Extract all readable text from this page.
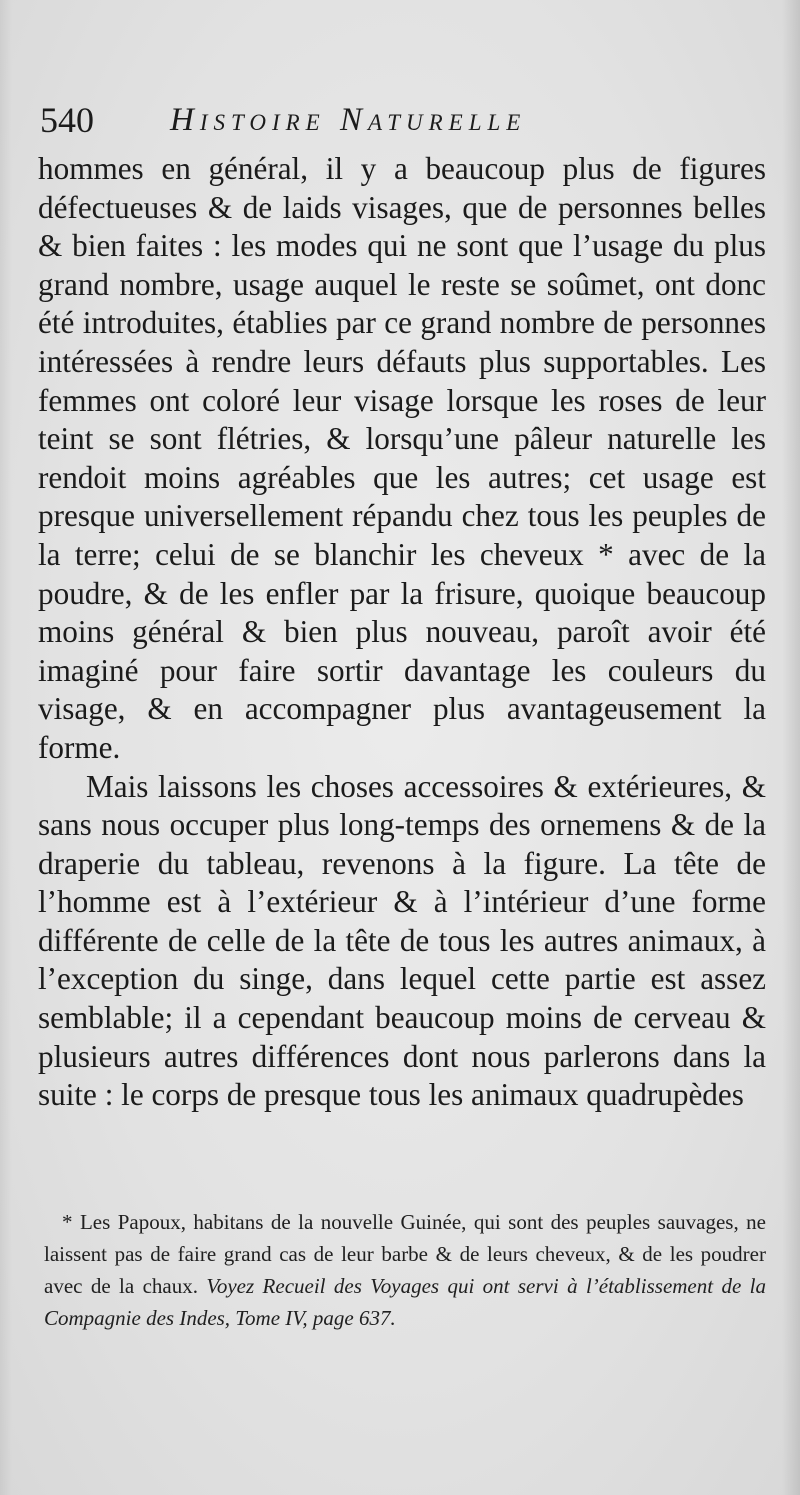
540 Histoire Naturelle

hommes en général, il y a beaucoup plus de figures défectueuses & de laids visages, que de personnes belles & bien faites : les modes qui ne sont que l’usage du plus grand nombre, usage auquel le reste se soûmet, ont donc été introduites, établies par ce grand nombre de personnes intéressées à rendre leurs défauts plus supportables. Les femmes ont coloré leur visage lorsque les roses de leur teint se sont flétries, & lorsqu’une pâleur naturelle les rendoit moins agréables que les autres; cet usage est presque universellement répandu chez tous les peuples de la terre; celui de se blanchir les cheveux * avec de la poudre, & de les enfler par la frisure, quoique beaucoup moins général & bien plus nouveau, paroît avoir été imaginé pour faire sortir davantage les couleurs du visage, & en accompagner plus avantageusement la forme.

Mais laissons les choses accessoires & extérieures, & sans nous occuper plus long-temps des ornemens & de la draperie du tableau, revenons à la figure. La tête de l’homme est à l’extérieur & à l’intérieur d’une forme différente de celle de la tête de tous les autres animaux, à l’exception du singe, dans lequel cette partie est assez semblable; il a cependant beaucoup moins de cerveau & plusieurs autres différences dont nous parlerons dans la suite : le corps de presque tous les animaux quadrupèdes

* Les Papoux, habitans de la nouvelle Guinée, qui sont des peuples sauvages, ne laissent pas de faire grand cas de leur barbe & de leurs cheveux, & de les poudrer avec de la chaux. Voyez Recueil des Voyages qui ont servi à l’établissement de la Compagnie des Indes, Tome IV, page 637.
